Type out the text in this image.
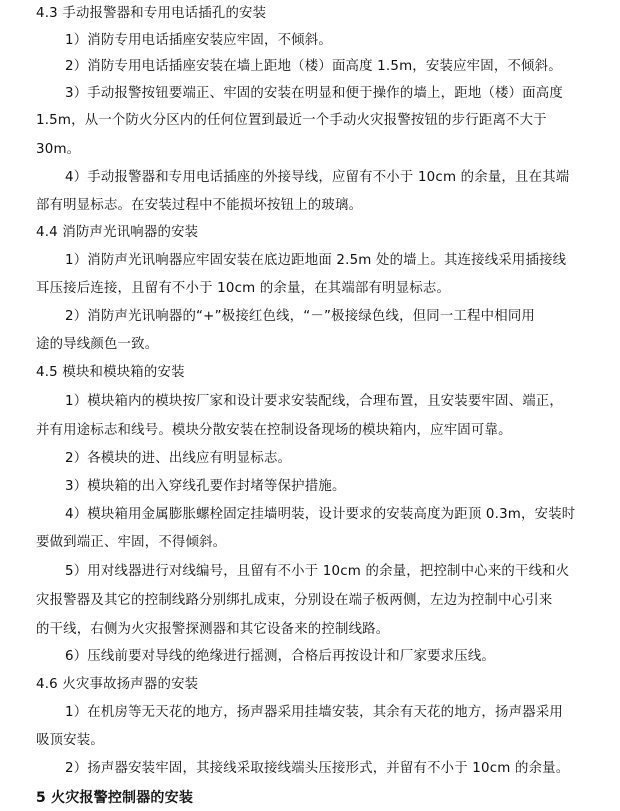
4.3 手动报警器和专用电话插孔的安装
1）消防专用电话插座安装应牢固，不倾斜。
2）消防专用电话插座安装在墙上距地（楼）面高度 1.5m，安装应牢固，不倾斜。
3）手动报警按钮要端正、牢固的安装在明显和便于操作的墙上，距地（楼）面高度
1.5m，从一个防火分区内的任何位置到最近一个手动火灾报警按钮的步行距离不大于
30m。
4）手动报警器和专用电话插座的外接导线，应留有不小于 10cm 的余量，且在其端
部有明显标志。在安装过程中不能损坏按钮上的玻璃。
4.4 消防声光讯响器的安装
1）消防声光讯响器应牢固安装在底边距地面 2.5m 处的墙上。其连接线采用插接线
耳压接后连接，且留有不小于 10cm 的余量，在其端部有明显标志。
2）消防声光讯响器的“+”极接红色线，“－”极接绿色线，但同一工程中相同用
途的导线颜色一致。
4.5 模块和模块箱的安装
1）模块箱内的模块按厂家和设计要求安装配线，合理布置，且安装要牢固、端正，
并有用途标志和线号。模块分散安装在控制设备现场的模块箱内，应牢固可靠。
2）各模块的进、出线应有明显标志。
3）模块箱的出入穿线孔要作封堵等保护措施。
4）模块箱用金属膨胀螺栓固定挂墙明装，设计要求的安装高度为距顶 0.3m，安装时
要做到端正、牢固，不得倾斜。
5）用对线器进行对线编号，且留有不小于 10cm 的余量，把控制中心来的干线和火
灾报警器及其它的控制线路分别绑扎成束，分别设在端子板两侧，左边为控制中心引来
的干线，右侧为火灾报警探测器和其它设备来的控制线路。
6）压线前要对导线的绝缘进行摇测，合格后再按设计和厂家要求压线。
4.6 火灾事故扬声器的安装
1）在机房等无天花的地方，扬声器采用挂墙安装，其余有天花的地方，扬声器采用
吸顶安装。
2）扬声器安装牢固，其接线采取接线端头压接形式，并留有不小于 10cm 的余量。
5 火灾报警控制器的安装
